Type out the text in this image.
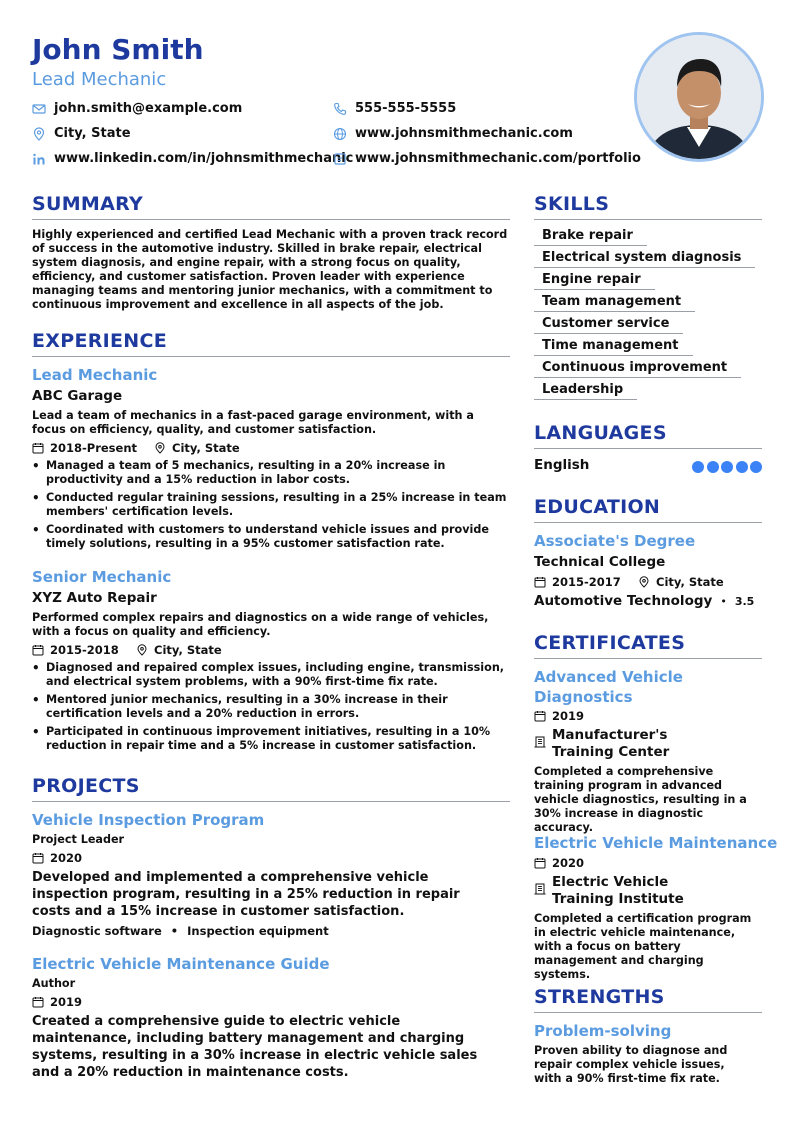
John Smith
Lead Mechanic
john.smith@example.com	555-555-5555
City, State	www.johnsmithmechanic.com
www.linkedin.com/in/johnsmithmechanic www.johnsmithmechanic.com/portfolio
SUMMARY
Highly experienced and certified Lead Mechanic with a proven track record of success in the automotive industry. Skilled in brake repair, electrical system diagnosis, and engine repair, with a strong focus on quality, efficiency, and customer satisfaction. Proven leader with experience managing teams and mentoring junior mechanics, with a commitment to continuous improvement and excellence in all aspects of the job.
EXPERIENCE
Lead Mechanic
ABC Garage
Lead a team of mechanics in a fast-paced garage environment, with a focus on efficiency, quality, and customer satisfaction.
2018-Present	City, State
• Managed a team of 5 mechanics, resulting in a 20% increase in productivity and a 15% reduction in labor costs.
• Conducted regular training sessions, resulting in a 25% increase in team members' certification levels.
• Coordinated with customers to understand vehicle issues and provide timely solutions, resulting in a 95% customer satisfaction rate.
Senior Mechanic
XYZ Auto Repair
Performed complex repairs and diagnostics on a wide range of vehicles, with a focus on quality and efficiency.
2015-2018	City, State
• Diagnosed and repaired complex issues, including engine, transmission, and electrical system problems, with a 90% first-time fix rate.
• Mentored junior mechanics, resulting in a 30% increase in their certification levels and a 20% reduction in errors.
• Participated in continuous improvement initiatives, resulting in a 10% reduction in repair time and a 5% increase in customer satisfaction.
PROJECTS
Vehicle Inspection Program
Project Leader
2020
Developed and implemented a comprehensive vehicle inspection program, resulting in a 25% reduction in repair costs and a 15% increase in customer satisfaction.
Diagnostic software • Inspection equipment
Electric Vehicle Maintenance Guide
Author
2019
Created a comprehensive guide to electric vehicle maintenance, including battery management and charging systems, resulting in a 30% increase in electric vehicle sales and a 20% reduction in maintenance costs.
SKILLS
Brake repair
Electrical system diagnosis
Engine repair
Team management
Customer service
Time management
Continuous improvement
Leadership
LANGUAGES
English
EDUCATION
Associate's Degree
Technical College
2015-2017	City, State
Automotive Technology • 3.5
CERTIFICATES
Advanced Vehicle Diagnostics
2019
Manufacturer's Training Center
Completed a comprehensive training program in advanced vehicle diagnostics, resulting in a 30% increase in diagnostic accuracy.
Electric Vehicle Maintenance
2020
Electric Vehicle Training Institute
Completed a certification program in electric vehicle maintenance, with a focus on battery management and charging systems.
STRENGTHS
Problem-solving
Proven ability to diagnose and repair complex vehicle issues, with a 90% first-time fix rate.
